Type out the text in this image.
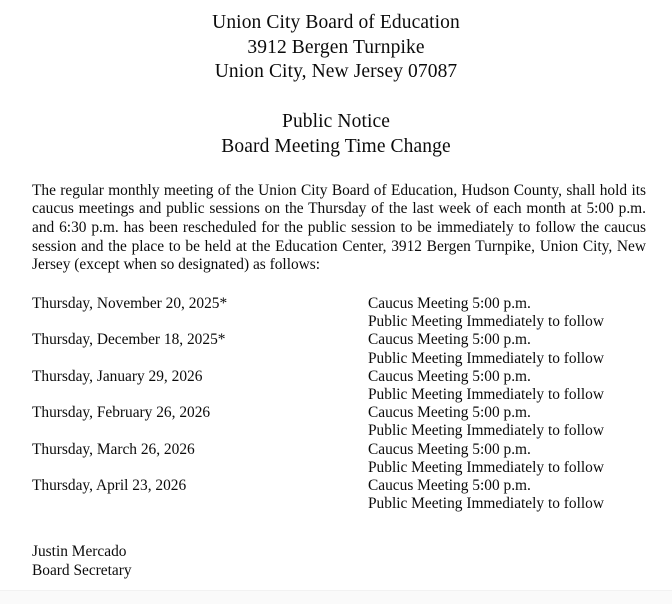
Union City Board of Education
3912 Bergen Turnpike
Union City, New Jersey 07087
Public Notice
Board Meeting Time Change

The regular monthly meeting of the Union City Board of Education, Hudson County, shall hold its caucus meetings and public sessions on the Thursday of the last week of each month at 5:00 p.m. and 6:30 p.m. has been rescheduled for the public session to be immediately to follow the caucus session and the place to be held at the Education Center, 3912 Bergen Turnpike, Union City, New Jersey (except when so designated) as follows:

Thursday, November 20, 2025*
Thursday, December 18, 2025*
Thursday, January 29, 2026
Thursday, February 26, 2026
Thursday, March 26, 2026
Thursday, April 23, 2026
Caucus Meeting 5:00 p.m.
Public Meeting Immediately to follow
Caucus Meeting 5:00 p.m.
Public Meeting Immediately to follow
Caucus Meeting 5:00 p.m.
Public Meeting Immediately to follow
Caucus Meeting 5:00 p.m.
Public Meeting Immediately to follow
Caucus Meeting 5:00 p.m.
Public Meeting Immediately to follow
Caucus Meeting 5:00 p.m.
Public Meeting Immediately to follow
Justin Mercado
Board Secretary
